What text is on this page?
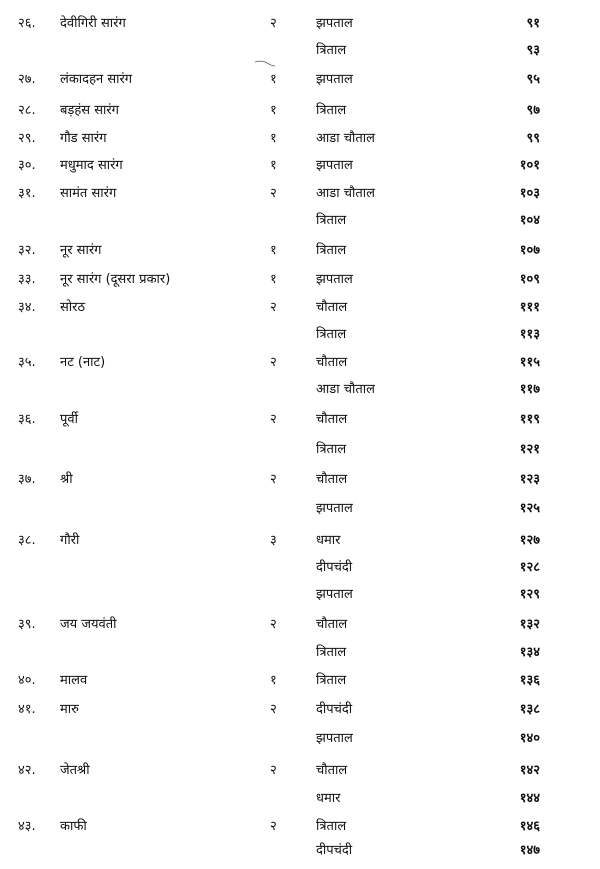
२६.	देवीगिरी सारंग	२	झपताल	९१
त्रिताल	९३
२७.	लंकादहन सारंग	१	झपताल	९५
२८.	बड़हंस सारंग	१	त्रिताल	९७
२९.	गौड सारंग	१	आडा चौताल	९९
३०.	मधुमाद सारंग	१	झपताल	१०१
३१.	सामंत सारंग	२	आडा चौताल	१०३
त्रिताल	१०४
३२.	नूर सारंग	१	त्रिताल	१०७
३३.	नूर सारंग (दूसरा प्रकार)	१	झपताल	१०९
३४.	सोरठ	२	चौताल	१११
त्रिताल	११३
३५.	नट (नाट)	२	चौताल	११५
आडा चौताल	११७
३६.	पूर्वी	२	चौताल	११९
त्रिताल	१२१
३७.	श्री	२	चौताल	१२३
झपताल	१२५
३८.	गौरी	३	धमार	१२७
दीपचंदी	१२८
झपताल	१२९
३९.	जय जयवंती	२	चौताल	१३२
त्रिताल	१३४
४०.	मालव	१	त्रिताल	१३६
४१.	मारु	२	दीपचंदी	१३८
झपताल	१४०
४२.	जेतश्री	२	चौताल	१४२
धमार	१४४
४३.	काफी	२	त्रिताल	१४६
दीपचंदी	१४७
